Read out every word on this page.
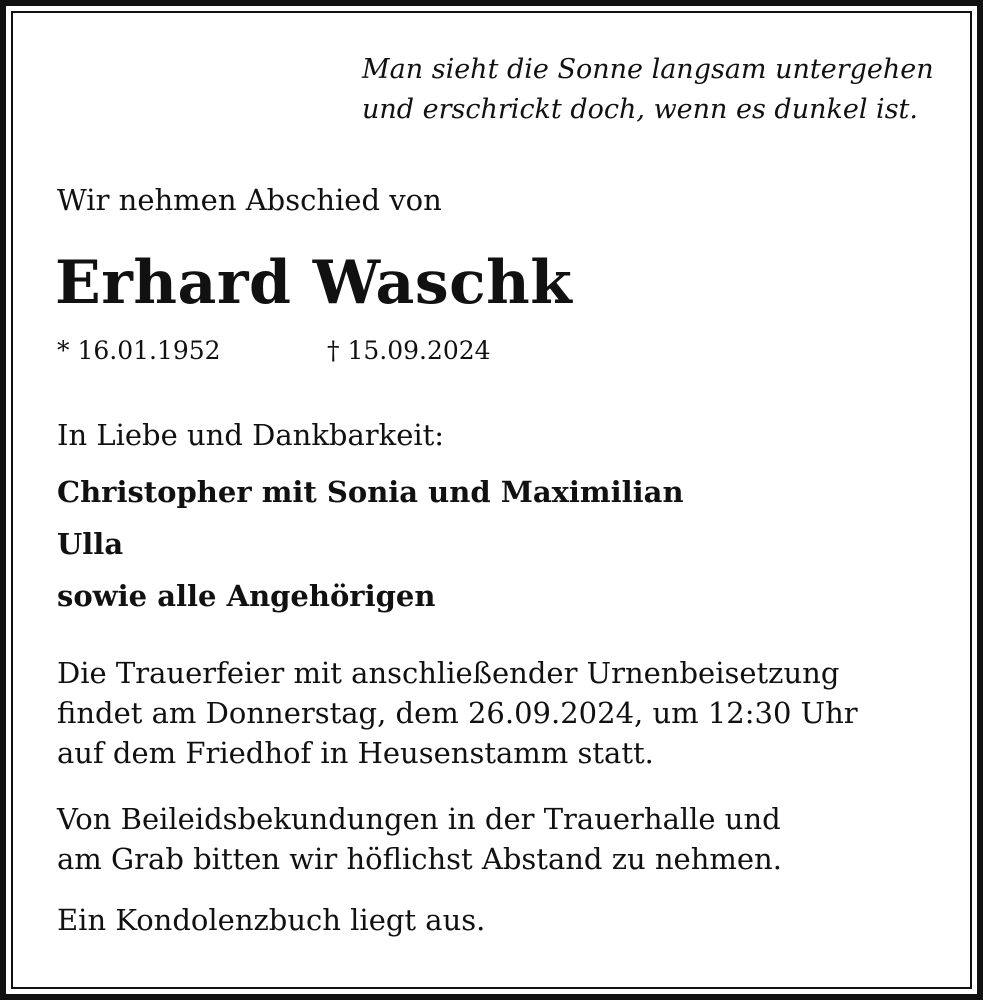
Man sieht die Sonne langsam untergehen
und erschrickt doch, wenn es dunkel ist.
Wir nehmen Abschied von
Erhard Waschk
* 16.01.1952	† 15.09.2024
In Liebe und Dankbarkeit:
Christopher mit Sonia und Maximilian
Ulla
sowie alle Angehörigen
Die Trauerfeier mit anschließender Urnenbeisetzung
findet am Donnerstag, dem 26.09.2024, um 12:30 Uhr
auf dem Friedhof in Heusenstamm statt.
Von Beileidsbekundungen in der Trauerhalle und
am Grab bitten wir höflichst Abstand zu nehmen.
Ein Kondolenzbuch liegt aus.
